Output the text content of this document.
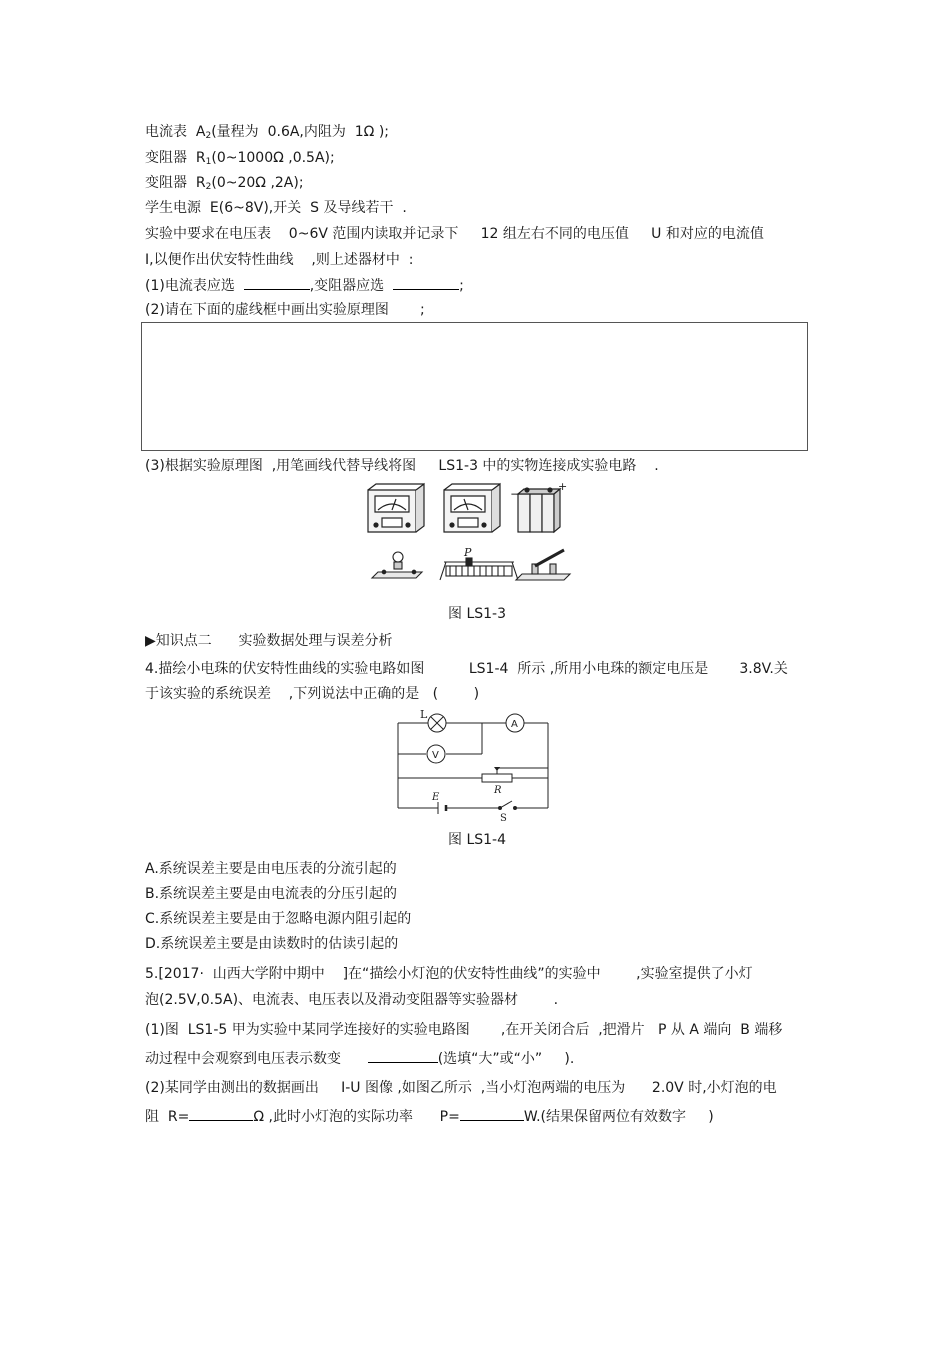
电流表  $A_2$(量程为  0.6A,内阻为  1Ω );
变阻器  $R_1(0\sim 1000\Omega$ ,0.5A);
变阻器  $R_2(0\sim 20\Omega$ ,2A);
学生电源  E(6~8V),开关  S 及导线若干  .
实验中要求在电压表    0~6V 范围内读取并记录下     12 组左右不同的电压值     U 和对应的电流值
I,以便作出伏安特性曲线    ,则上述器材中  :
(1)电流表应选	,变阻器应选	;
(2)请在下面的虚线框中画出实验原理图       ;
(3)根据实验原理图  ,用笔画线代替导线将图     LS1-3 中的实物连接成实验电路    .
−
+
P
图 LS1-3
▶知识点二      实验数据处理与误差分析
4.描绘小电珠的伏安特性曲线的实验电路如图          LS1-4  所示 ,所用小电珠的额定电压是       3.8V.关
于该实验的系统误差    ,下列说法中正确的是   (        )
A
V
L
R
E
S
图 LS1-4
A.系统误差主要是由电压表的分流引起的
B.系统误差主要是由电流表的分压引起的
C.系统误差主要是由于忽略电源内阻引起的
D.系统误差主要是由读数时的估读引起的
5.[2017·  山西大学附中期中    ]在“描绘小灯泡的伏安特性曲线”的实验中        ,实验室提供了小灯
泡(2.5V,0.5A)、电流表、电压表以及滑动变阻器等实验器材        .
(1)图  LS1-5 甲为实验中某同学连接好的实验电路图       ,在开关闭合后  ,把滑片   P 从 A 端向  B 端移
动过程中会观察到电压表示数变	(选填“大”或“小”     ).
(2)某同学由测出的数据画出     I-U 图像 ,如图乙所示  ,当小灯泡两端的电压为      2.0V 时,小灯泡的电
阻  R=	Ω ,此时小灯泡的实际功率      P=	W.(结果保留两位有效数字     )
